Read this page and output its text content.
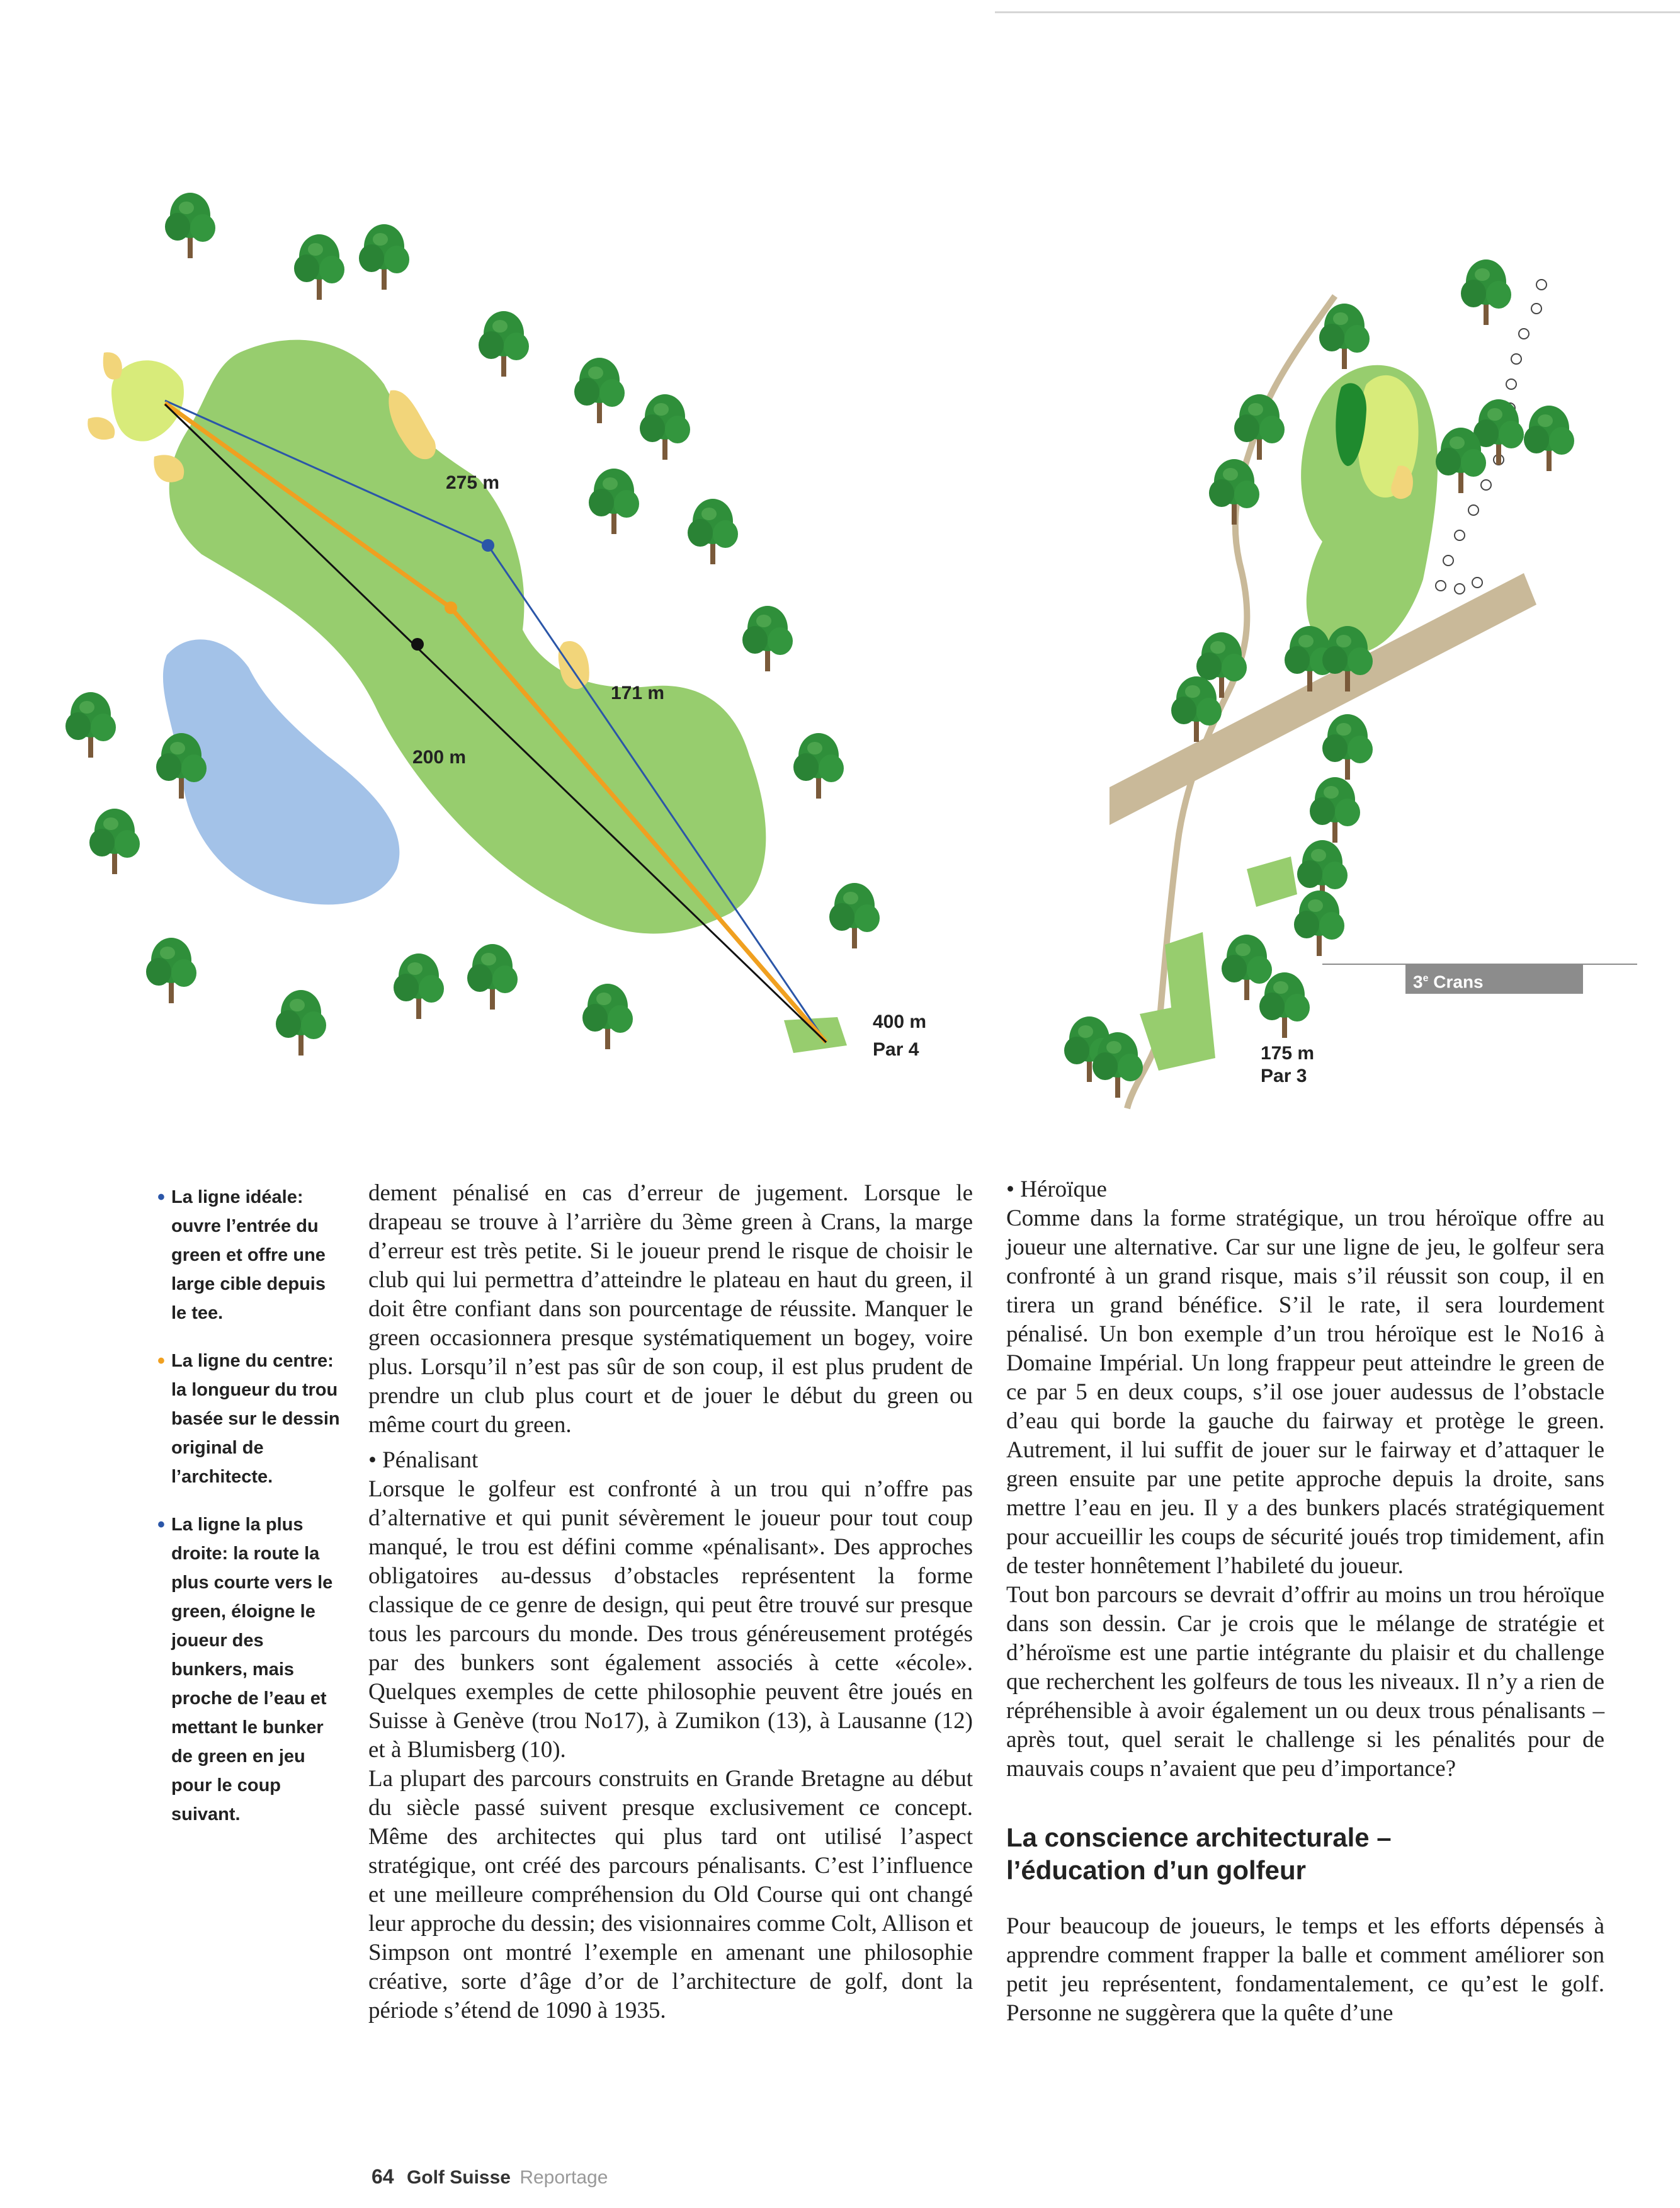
275 m
171 m
200 m
400 m
Par 4	175 m
Par 3
3e Crans

• La ligne idéale: ouvre l’entrée du green et offre une large cible depuis le tee.

• La ligne du centre: la longueur du trou basée sur le dessin original de l’architecte.

• La ligne la plus droite: la route la plus courte vers le green, éloigne le joueur des bunkers, mais proche de l’eau et mettant le bunker de green en jeu pour le coup suivant.

dement pénalisé en cas d’erreur de jugement. Lorsque le drapeau se trouve à l’arrière du 3ème green à Crans, la marge d’erreur est très petite. Si le joueur prend le risque de choisir le club qui lui permettra d’atteindre le plateau en haut du green, il doit être confiant dans son pourcentage de réussite. Manquer le green occasionnera presque systématiquement un bogey, voire plus. Lorsqu’il n’est pas sûr de son coup, il est plus prudent de prendre un club plus court et de jouer le début du green ou même court du green.

• Pénalisant

Lorsque le golfeur est confronté à un trou qui n’offre pas d’alternative et qui punit sévèrement le joueur pour tout coup manqué, le trou est défini comme «pénalisant». Des approches obligatoires au-dessus d’obstacles représentent la forme classique de ce genre de design, qui peut être trouvé sur presque tous les parcours du monde. Des trous généreusement protégés par des bunkers sont également associés à cette «école». Quelques exemples de cette philosophie peuvent être joués en Suisse à Genève (trou No17), à Zumikon (13), à Lausanne (12) et à Blumisberg (10).

La plupart des parcours construits en Grande Bretagne au début du siècle passé suivent presque exclusivement ce concept. Même des architectes qui plus tard ont utilisé l’aspect stratégique, ont créé des parcours pénalisants. C’est l’influence et une meilleure compréhension du Old Course qui ont changé leur approche du dessin; des visionnaires comme Colt, Allison et Simpson ont montré l’exemple en amenant une philosophie créative, sorte d’âge d’or de l’architecture de golf, dont la période s’étend de 1090 à 1935.

• Héroïque

Comme dans la forme stratégique, un trou héroïque offre au joueur une alternative. Car sur une ligne de jeu, le golfeur sera confronté à un grand risque, mais s’il réussit son coup, il en tirera un grand bénéfice. S’il le rate, il sera lourdement pénalisé. Un bon exemple d’un trou héroïque est le No16 à Domaine Impérial. Un long frappeur peut atteindre le green de ce par 5 en deux coups, s’il ose jouer audessus de l’obstacle d’eau qui borde la gauche du fairway et protège le green. Autrement, il lui suffit de jouer sur le fairway et d’attaquer le green ensuite par une petite approche depuis la droite, sans mettre l’eau en jeu. Il y a des bunkers placés stratégiquement pour accueillir les coups de sécurité joués trop timidement, afin de tester honnêtement l’habileté du joueur.

Tout bon parcours se devrait d’offrir au moins un trou héroïque dans son dessin. Car je crois que le mélange de stratégie et d’héroïsme est une partie intégrante du plaisir et du challenge que recherchent les golfeurs de tous les niveaux. Il n’y a rien de répréhensible à avoir également un ou deux trous pénalisants – après tout, quel serait le challenge si les pénalités pour de mauvais coups n’avaient que peu d’importance?

La conscience architecturale –
l’éducation d’un golfeur

Pour beaucoup de joueurs, le temps et les efforts dépensés à apprendre comment frapper la balle et comment améliorer son petit jeu représentent, fondamentalement, ce qu’est le golf. Personne ne suggèrera que la quête d’une

64 Golf Suisse Reportage
